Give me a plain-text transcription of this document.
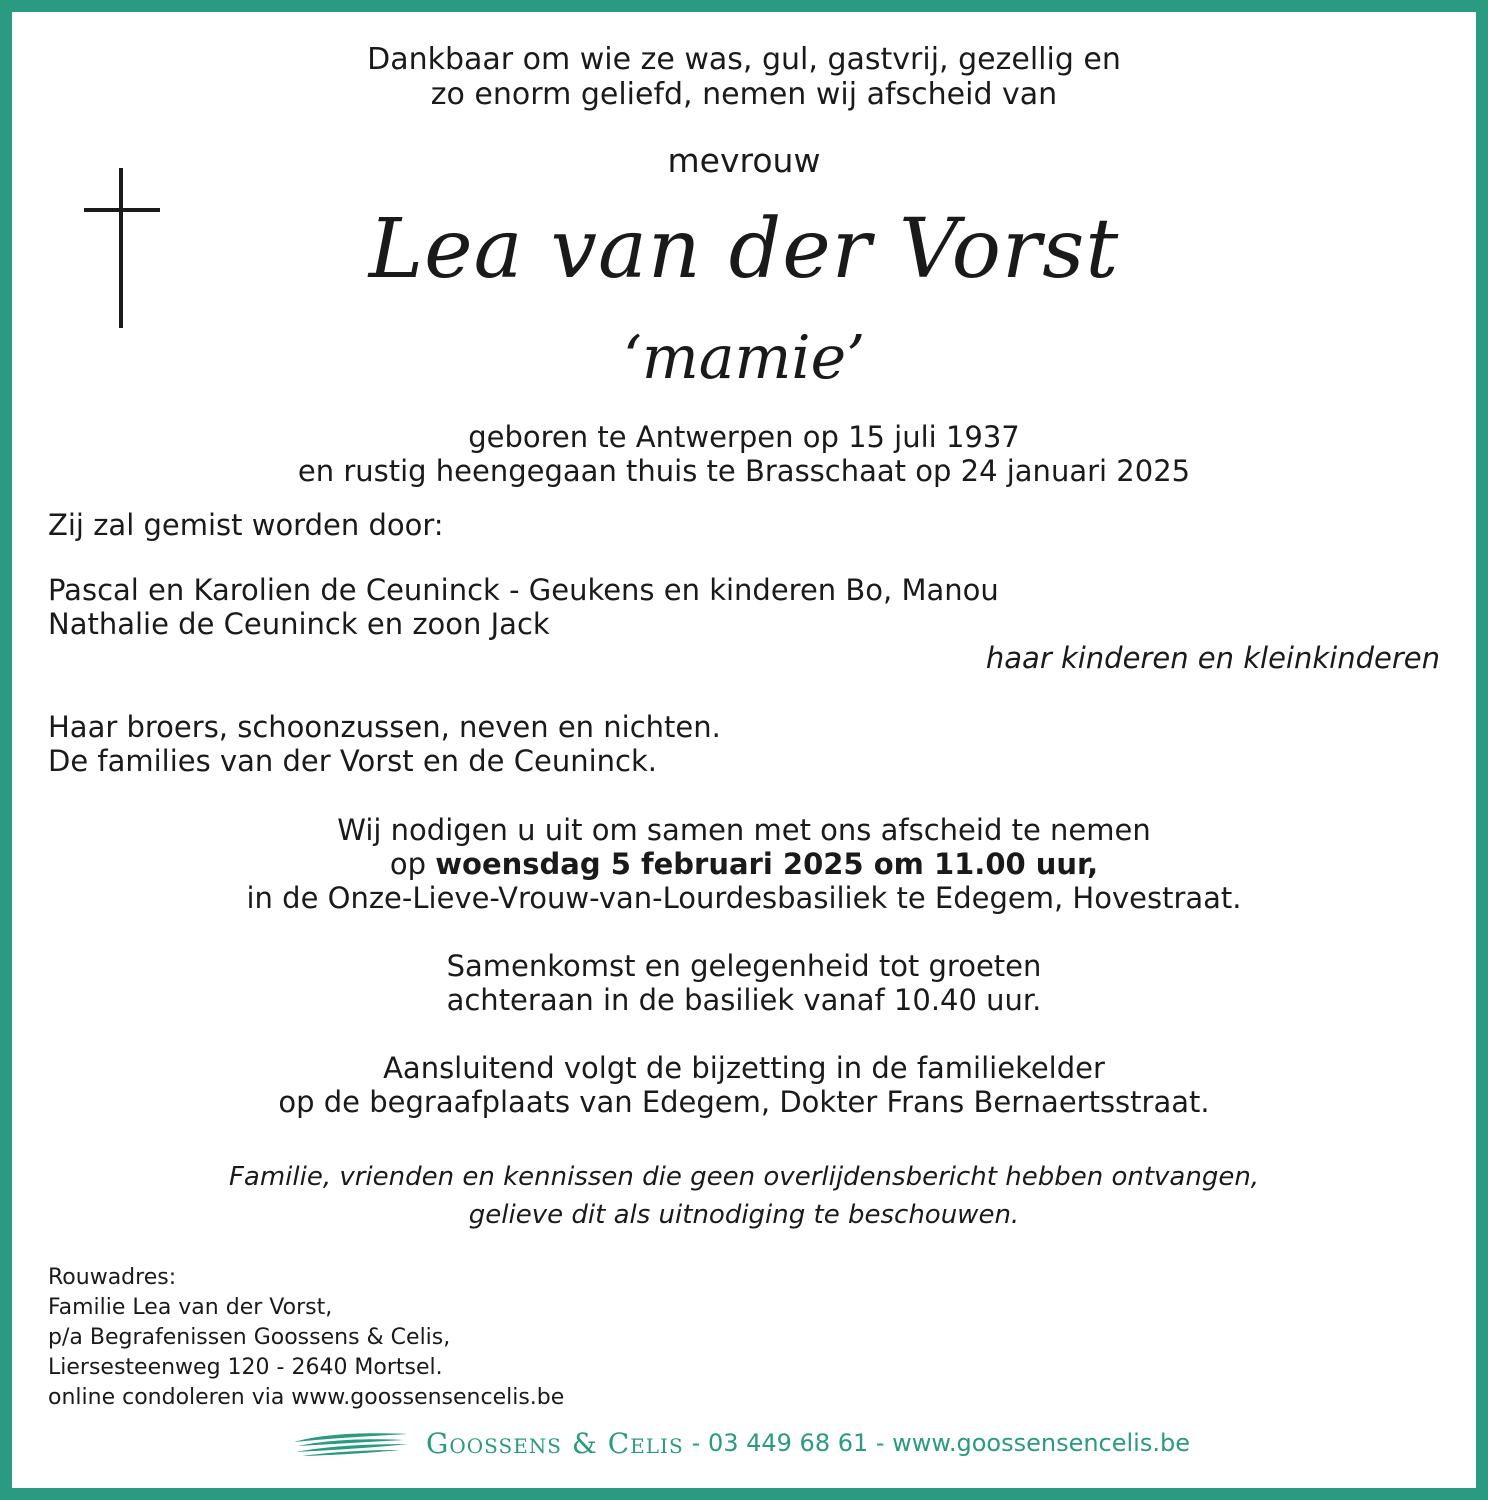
Dankbaar om wie ze was, gul, gastvrij, gezellig en
zo enorm geliefd, nemen wij afscheid van
mevrouw
Lea van der Vorst
‘mamie’
geboren te Antwerpen op 15 juli 1937
en rustig heengegaan thuis te Brasschaat op 24 januari 2025
Zij zal gemist worden door:
Pascal en Karolien de Ceuninck - Geukens en kinderen Bo, Manou
Nathalie de Ceuninck en zoon Jack
haar kinderen en kleinkinderen
Haar broers, schoonzussen, neven en nichten.
De families van der Vorst en de Ceuninck.
Wij nodigen u uit om samen met ons afscheid te nemen
op woensdag 5 februari 2025 om 11.00 uur,
in de Onze-Lieve-Vrouw-van-Lourdesbasiliek te Edegem, Hovestraat.
Samenkomst en gelegenheid tot groeten
achteraan in de basiliek vanaf 10.40 uur.
Aansluitend volgt de bijzetting in de familiekelder
op de begraafplaats van Edegem, Dokter Frans Bernaertsstraat.
Familie, vrienden en kennissen die geen overlijdensbericht hebben ontvangen,
gelieve dit als uitnodiging te beschouwen.
Rouwadres:
Familie Lea van der Vorst,
p/a Begrafenissen Goossens & Celis,
Liersesteenweg 120 - 2640 Mortsel.
online condoleren via www.goossensencelis.be
Goossens & Celis - 03 449 68 61 - www.goossensencelis.be
